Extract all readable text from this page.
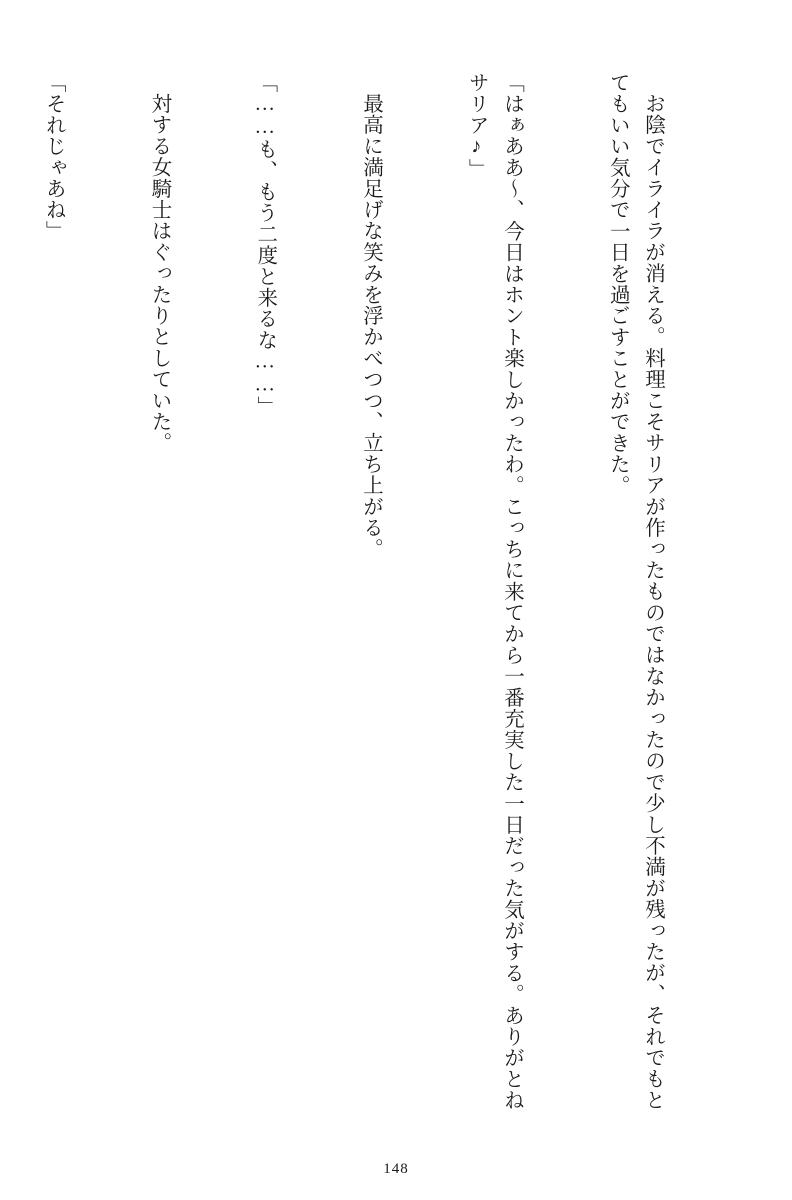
お陰でイライラが消える。料理こそサリアが作ったものではなかったので少し不満が残ったが、それでもとてもいい気分で一日を過ごすことができた。

「はぁああ～、今日はホント楽しかったわ。こっちに来てから一番充実した一日だった気がする。ありがとねサリア♪」

最高に満足げな笑みを浮かべつつ、立ち上がる。

「……も、もう二度と来るな……」

対する女騎士はぐったりとしていた。

「それじゃあね」

148
